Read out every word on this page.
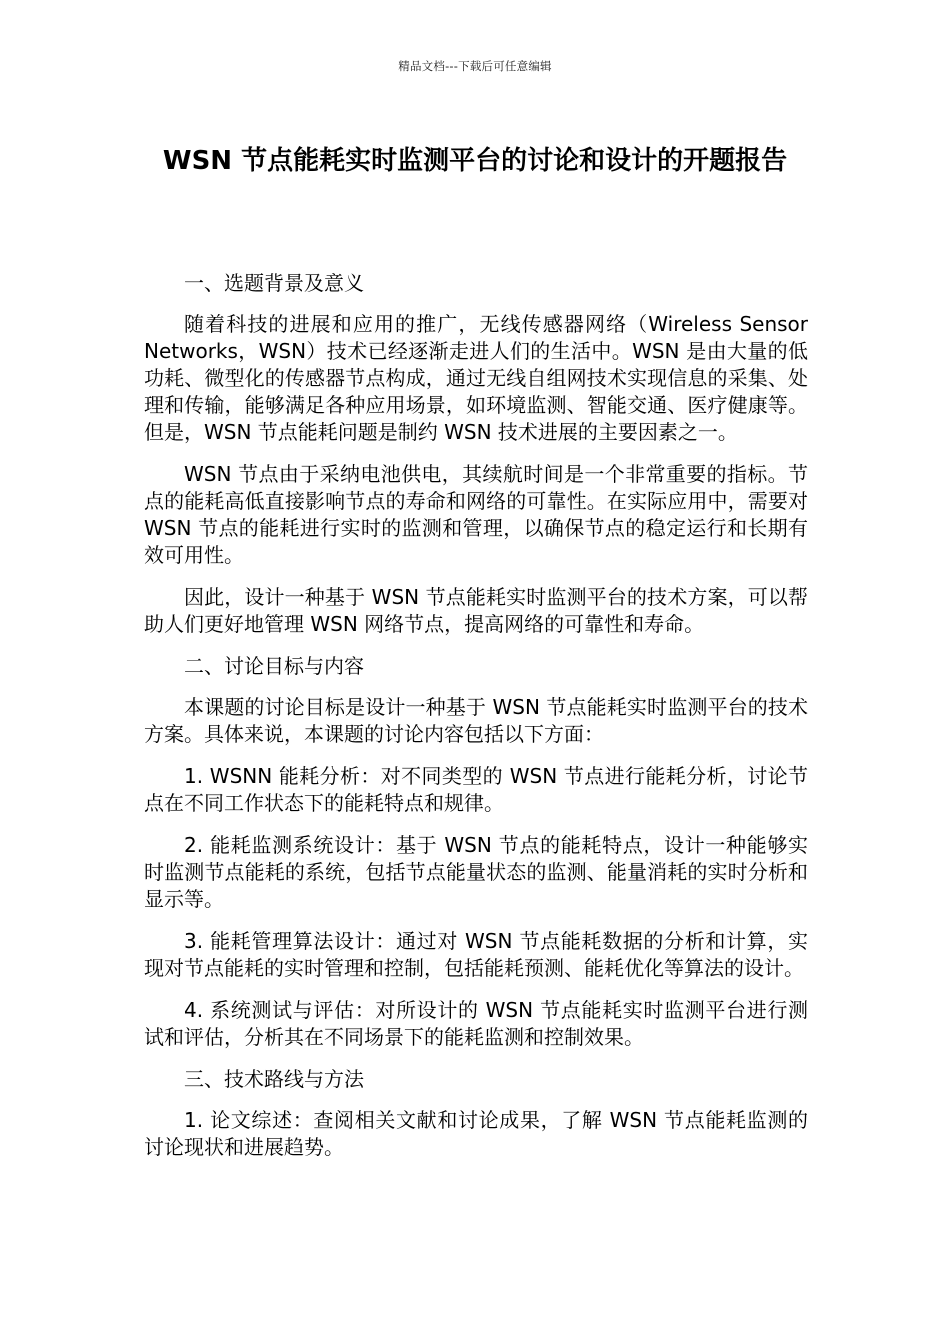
精品文档---下载后可任意编辑
WSN 节点能耗实时监测平台的讨论和设计的开题报告

一、选题背景及意义

随着科技的进展和应用的推广，无线传感器网络（Wireless Sensor Networks，WSN）技术已经逐渐走进人们的生活中。WSN 是由大量的低功耗、微型化的传感器节点构成，通过无线自组网技术实现信息的采集、处理和传输，能够满足各种应用场景，如环境监测、智能交通、医疗健康等。但是，WSN 节点能耗问题是制约 WSN 技术进展的主要因素之一。

WSN 节点由于采纳电池供电，其续航时间是一个非常重要的指标。节点的能耗高低直接影响节点的寿命和网络的可靠性。在实际应用中，需要对 WSN 节点的能耗进行实时的监测和管理，以确保节点的稳定运行和长期有效可用性。

因此，设计一种基于 WSN 节点能耗实时监测平台的技术方案，可以帮助人们更好地管理 WSN 网络节点，提高网络的可靠性和寿命。

二、讨论目标与内容

本课题的讨论目标是设计一种基于 WSN 节点能耗实时监测平台的技术方案。具体来说，本课题的讨论内容包括以下方面：

1. WSNN 能耗分析：对不同类型的 WSN 节点进行能耗分析，讨论节点在不同工作状态下的能耗特点和规律。

2. 能耗监测系统设计：基于 WSN 节点的能耗特点，设计一种能够实时监测节点能耗的系统，包括节点能量状态的监测、能量消耗的实时分析和显示等。

3. 能耗管理算法设计：通过对 WSN 节点能耗数据的分析和计算，实现对节点能耗的实时管理和控制，包括能耗预测、能耗优化等算法的设计。

4. 系统测试与评估：对所设计的 WSN 节点能耗实时监测平台进行测试和评估，分析其在不同场景下的能耗监测和控制效果。

三、技术路线与方法

1. 论文综述：查阅相关文献和讨论成果，了解 WSN 节点能耗监测的讨论现状和进展趋势。
